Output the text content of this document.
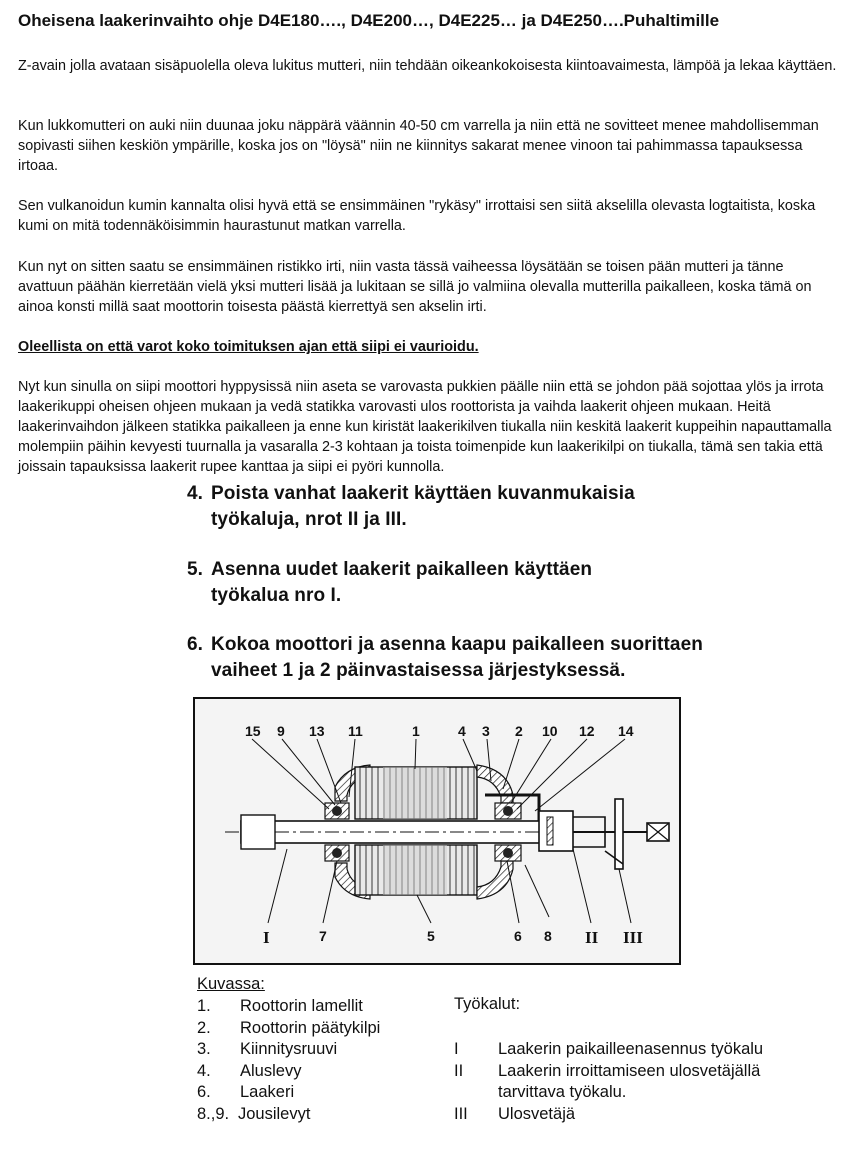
Oheisena laakerinvaihto ohje D4E180…., D4E200…, D4E225… ja D4E250….Puhaltimille

Z-avain jolla avataan sisäpuolella oleva lukitus mutteri, niin tehdään oikeankokoisesta kiintoavaimesta, lämpöä ja lekaa käyttäen.

Kun lukkomutteri on auki niin duunaa joku näppärä väännin 40-50 cm varrella ja niin että ne sovitteet menee mahdollisemman sopivasti siihen keskiön ympärille, koska jos on "löysä" niin ne kiinnitys sakarat menee vinoon tai pahimmassa tapauksessa irtoaa.

Sen vulkanoidun kumin kannalta olisi hyvä että se ensimmäinen "rykäsy" irrottaisi sen siitä akselilla olevasta logtaitista, koska kumi on mitä todennäköisimmin haurastunut matkan varrella.

Kun nyt on sitten saatu se ensimmäinen ristikko irti, niin vasta tässä vaiheessa löysätään se toisen pään mutteri ja tänne avattuun päähän kierretään vielä yksi mutteri lisää ja lukitaan se sillä jo valmiina olevalla mutterilla paikalleen, koska tämä on ainoa konsti millä saat moottorin toisesta päästä kierrettyä sen akselin irti.

Oleellista on että varot koko toimituksen ajan että siipi ei vaurioidu.

Nyt kun sinulla on siipi moottori hyppysissä niin aseta se varovasta pukkien päälle niin että se johdon pää sojottaa ylös ja irrota laakerikuppi oheisen ohjeen mukaan ja vedä statikka varovasti ulos roottorista ja vaihda laakerit ohjeen mukaan. Heitä laakerinvaihdon jälkeen statikka paikalleen ja enne kun kiristät laakerikilven tiukalla niin keskitä laakerit kuppeihin napauttamalla molempiin päihin kevyesti tuurnalla ja vasaralla 2-3 kohtaan ja toista toimenpide kun laakerikilpi on tiukalla, tämä sen takia että joissain tapauksissa laakerit rupee kanttaa ja siipi ei pyöri kunnolla.

4. Poista vanhat laakerit käyttäen kuvanmukaisia
työkaluja, nrot II ja III.
5. Asenna uudet laakerit paikalleen käyttäen
työkalua nro I.
6. Kokoa moottori ja asenna kaapu paikalleen suorittaen
vaiheet 1 ja 2 päinvastaisessa järjestyksessä.
15 9 13 11	1	4 3 2 10 12 14
I	7	5	6 8 II III
Kuvassa:
1. Roottorin lamellit
2. Roottorin päätykilpi
3. Kiinnitysruuvi
4. Aluslevy
6. Laakeri
8.,9. Jousilevyt
Työkalut:
I Laakerin paikailleenasennus työkalu
II Laakerin irroittamiseen ulosvetäjällä
tarvittava työkalu.
III Ulosvetäjä
